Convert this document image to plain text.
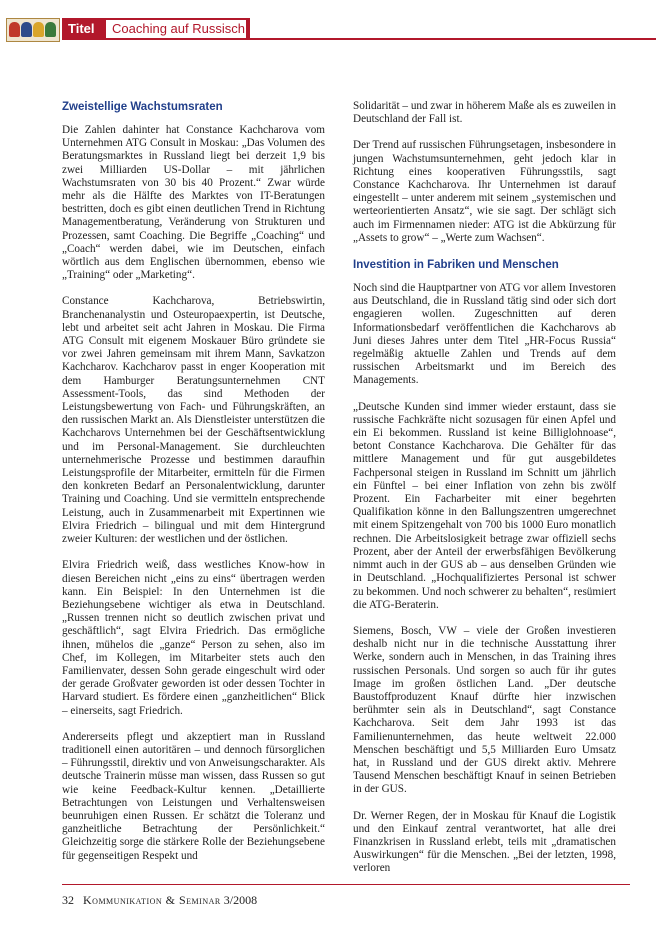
Titel	Coaching auf Russisch
Zweistellige Wachstumsraten

Die Zahlen dahinter hat Constance Kachcharova vom Unternehmen ATG Consult in Moskau: „Das Volumen des Beratungsmarktes in Russland liegt bei derzeit 1,9 bis zwei Milliarden US-Dollar – mit jährlichen Wachstumsraten von 30 bis 40 Prozent.“ Zwar würde mehr als die Hälfte des Marktes von IT-Beratungen bestritten, doch es gibt einen deutlichen Trend in Richtung Managementberatung, Veränderung von Strukturen und Prozessen, samt Coaching. Die Begriffe „Coaching“ und „Coach“ werden dabei, wie im Deutschen, einfach wörtlich aus dem Englischen übernommen, ebenso wie „Training“ oder „Marketing“.

Constance Kachcharova, Betriebswirtin, Branchenanalystin und Osteuropaexpertin, ist Deutsche, lebt und arbeitet seit acht Jahren in Moskau. Die Firma ATG Consult mit eigenem Moskauer Büro gründete sie vor zwei Jahren gemeinsam mit ihrem Mann, Savkatzon Kachcharov. Kachcharov passt in enger Kooperation mit dem Hamburger Beratungsunternehmen CNT Assessment-Tools, das sind Methoden der Leistungsbewertung von Fach- und Führungskräften, an den russischen Markt an. Als Dienstleister unterstützen die Kachcharovs Unternehmen bei der Geschäftsentwicklung und im Personal-Management. Sie durchleuchten unternehmerische Prozesse und bestimmen daraufhin Leistungsprofile der Mitarbeiter, ermitteln für die Firmen den konkreten Bedarf an Personalentwicklung, darunter Training und Coaching. Und sie vermitteln entsprechende Leistung, auch in Zusammenarbeit mit Expertinnen wie Elvira Friedrich – bilingual und mit dem Hintergrund zweier Kulturen: der westlichen und der östlichen.

Elvira Friedrich weiß, dass westliches Know-how in diesen Bereichen nicht „eins zu eins“ übertragen werden kann. Ein Beispiel: In den Unternehmen ist die Beziehungsebene wichtiger als etwa in Deutschland. „Russen trennen nicht so deutlich zwischen privat und geschäftlich“, sagt Elvira Friedrich. Das ermögliche ihnen, mühelos die „ganze“ Person zu sehen, also im Chef, im Kollegen, im Mitarbeiter stets auch den Familienvater, dessen Sohn gerade eingeschult wird oder der gerade Großvater geworden ist oder dessen Tochter in Harvard studiert. Es fördere einen „ganzheitlichen“ Blick – einerseits, sagt Friedrich.

Andererseits pflegt und akzeptiert man in Russland traditionell einen autoritären – und dennoch fürsorglichen – Führungsstil, direktiv und von Anweisungscharakter. Als deutsche Trainerin müsse man wissen, dass Russen so gut wie keine Feedback-Kultur kennen. „Detaillierte Betrachtungen von Leistungen und Verhaltensweisen beunruhigen einen Russen. Er schätzt die Toleranz und ganzheitliche Betrachtung der Persönlichkeit.“ Gleichzeitig sorge die stärkere Rolle der Beziehungsebene für gegenseitigen Respekt und

Solidarität – und zwar in höherem Maße als es zuweilen in Deutschland der Fall ist.

Der Trend auf russischen Führungsetagen, insbesondere in jungen Wachstumsunternehmen, geht jedoch klar in Richtung eines kooperativen Führungsstils, sagt Constance Kachcharova. Ihr Unternehmen ist darauf eingestellt – unter anderem mit seinem „systemischen und werteorientierten Ansatz“, wie sie sagt. Der schlägt sich auch im Firmennamen nieder: ATG ist die Abkürzung für „Assets to grow“ – „Werte zum Wachsen“.

Investition in Fabriken und Menschen

Noch sind die Hauptpartner von ATG vor allem Investoren aus Deutschland, die in Russland tätig sind oder sich dort engagieren wollen. Zugeschnitten auf deren Informationsbedarf veröffentlichen die Kachcharovs ab Juni dieses Jahres unter dem Titel „HR-Focus Russia“ regelmäßig aktuelle Zahlen und Trends auf dem russischen Arbeitsmarkt und im Bereich des Managements.

„Deutsche Kunden sind immer wieder erstaunt, dass sie russische Fachkräfte nicht sozusagen für einen Apfel und ein Ei bekommen. Russland ist keine Billiglohnoase“, betont Constance Kachcharova. Die Gehälter für das mittlere Management und für gut ausgebildetes Fachpersonal steigen in Russland im Schnitt um jährlich ein Fünftel – bei einer Inflation von zehn bis zwölf Prozent. Ein Facharbeiter mit einer begehrten Qualifikation könne in den Ballungszentren umgerechnet mit einem Spitzengehalt von 700 bis 1000 Euro monatlich rechnen. Die Arbeitslosigkeit betrage zwar offiziell sechs Prozent, aber der Anteil der erwerbsfähigen Bevölkerung nimmt auch in der GUS ab – aus denselben Gründen wie in Deutschland. „Hochqualifiziertes Personal ist schwer zu bekommen. Und noch schwerer zu behalten“, resümiert die ATG-Beraterin.

Siemens, Bosch, VW – viele der Großen investieren deshalb nicht nur in die technische Ausstattung ihrer Werke, sondern auch in Menschen, in das Training ihres russischen Personals. Und sorgen so auch für ihr gutes Image im großen östlichen Land. „Der deutsche Baustoffproduzent Knauf dürfte hier inzwischen berühmter sein als in Deutschland“, sagt Constance Kachcharova. Seit dem Jahr 1993 ist das Familienunternehmen, das heute weltweit 22.000 Menschen beschäftigt und 5,5 Milliarden Euro Umsatz hat, in Russland und der GUS direkt aktiv. Mehrere Tausend Menschen beschäftigt Knauf in seinen Betrieben in der GUS.

Dr. Werner Regen, der in Moskau für Knauf die Logistik und den Einkauf zentral verantwortet, hat alle drei Finanzkrisen in Russland erlebt, teils mit „dramatischen Auswirkungen“ für die Menschen. „Bei der letzten, 1998, verloren

32 Kommunikation & Seminar 3/2008
